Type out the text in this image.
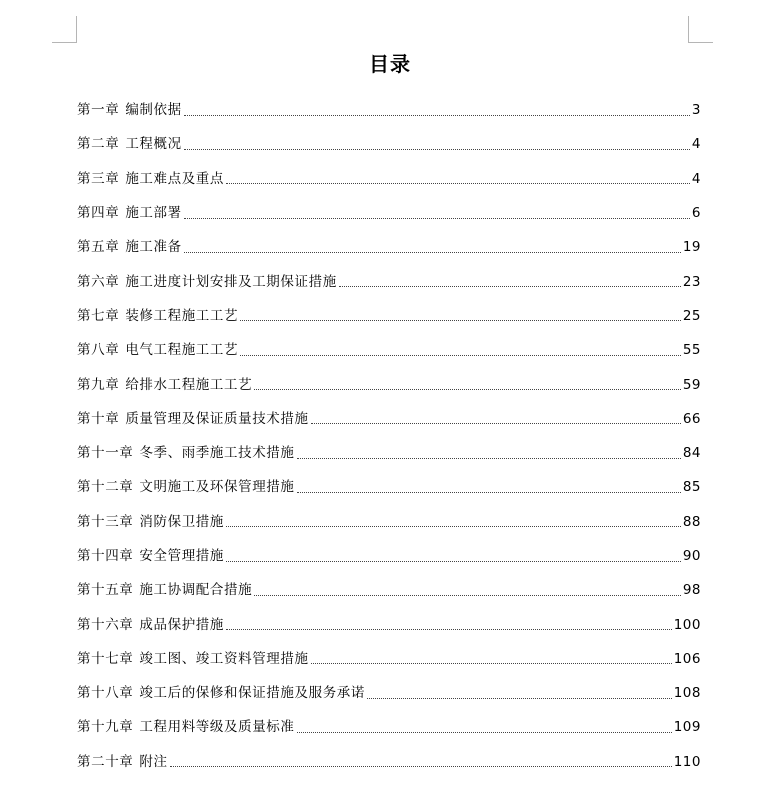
目录
第一章 编制依据	3
第二章 工程概况	4
第三章 施工难点及重点	4
第四章 施工部署	6
第五章 施工准备	19
第六章 施工进度计划安排及工期保证措施	23
第七章 装修工程施工工艺	25
第八章 电气工程施工工艺	55
第九章 给排水工程施工工艺	59
第十章 质量管理及保证质量技术措施	66
第十一章 冬季、雨季施工技术措施	84
第十二章 文明施工及环保管理措施	85
第十三章 消防保卫措施	88
第十四章 安全管理措施	90
第十五章 施工协调配合措施	98
第十六章 成品保护措施	100
第十七章 竣工图、竣工资料管理措施	106
第十八章 竣工后的保修和保证措施及服务承诺	108
第十九章 工程用料等级及质量标准	109
第二十章 附注	110
